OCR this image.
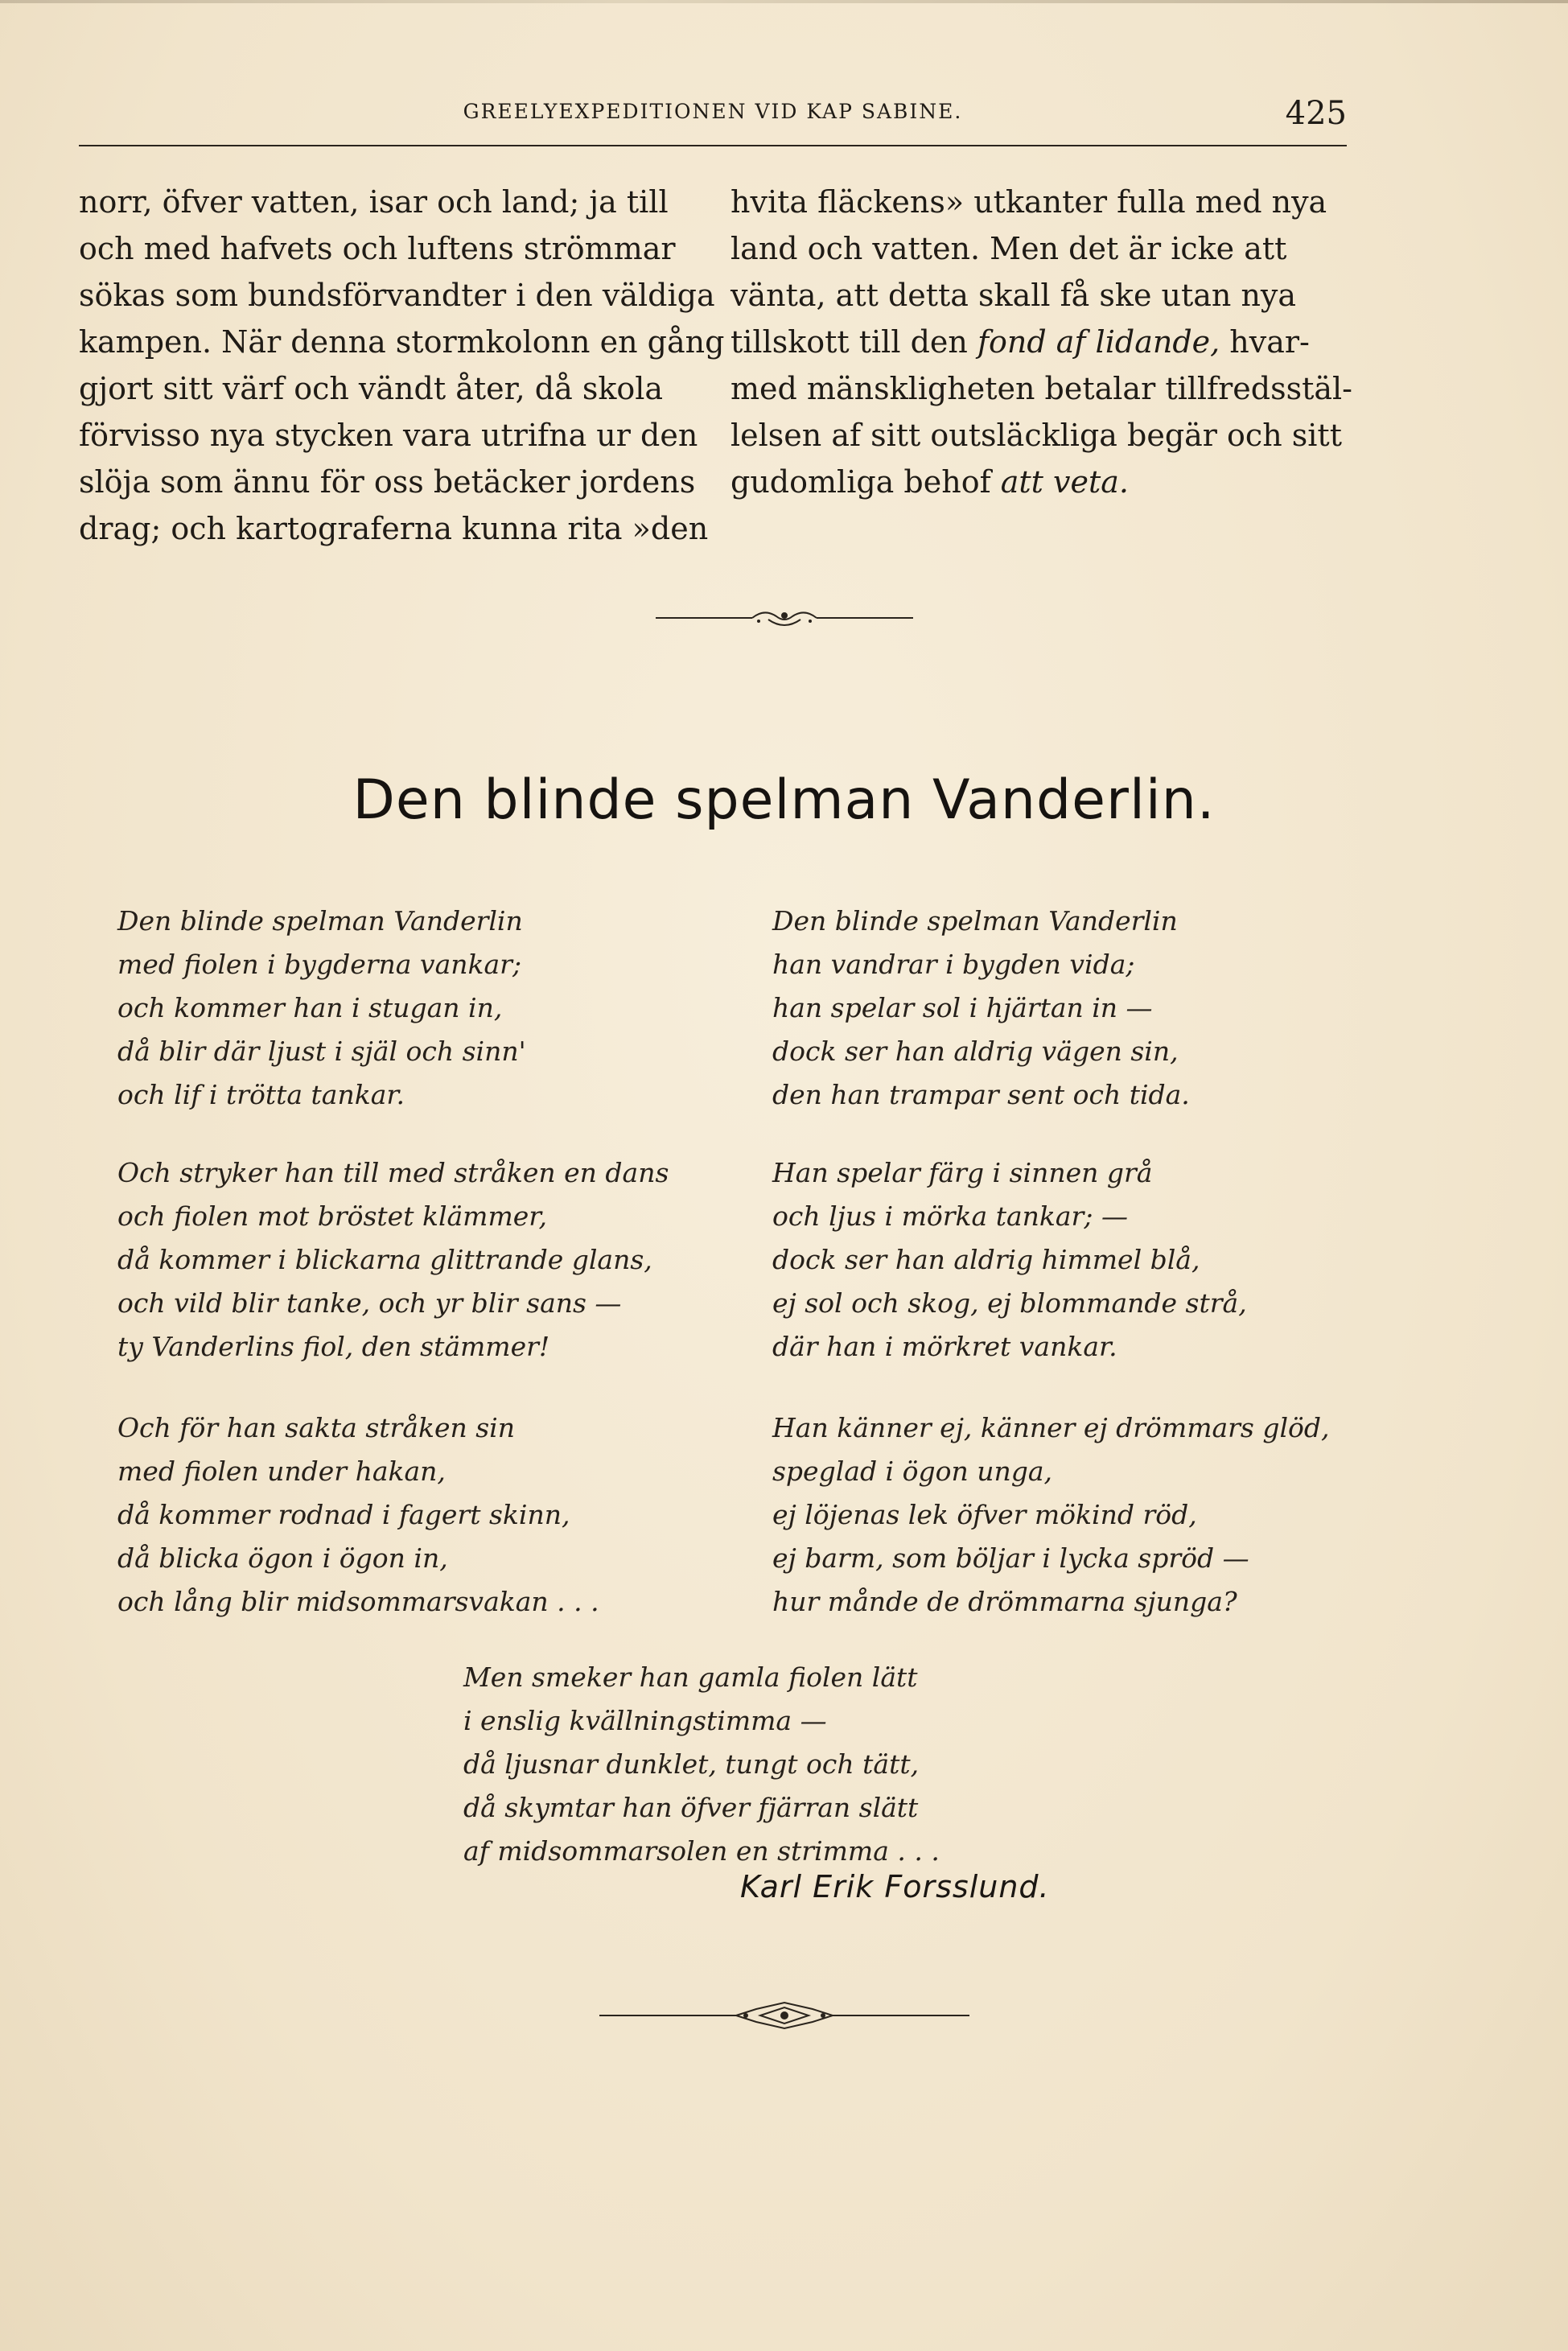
GREELYEXPEDITIONEN VID KAP SABINE.	425

norr, öfver vatten, isar och land; ja till
och med hafvets och luftens strömmar
sökas som bundsförvandter i den väldiga
kampen. När denna stormkolonn en gång
gjort sitt värf och vändt åter, då skola
förvisso nya stycken vara utrifna ur den
slöja som ännu för oss betäcker jordens
drag; och kartograferna kunna rita »den

hvita fläckens» utkanter fulla med nya
land och vatten. Men det är icke att
vänta, att detta skall få ske utan nya
tillskott till den fond af lidande, hvar-
med mänskligheten betalar tillfredsstäl-
lelsen af sitt outsläckliga begär och sitt
gudomliga behof att veta.

Den blinde spelman Vanderlin.

Den blinde spelman Vanderlin
med fiolen i bygderna vankar;
och kommer han i stugan in,
då blir där ljust i själ och sinn'
och lif i trötta tankar.

Och stryker han till med stråken en dans
och fiolen mot bröstet klämmer,
då kommer i blickarna glittrande glans,
och vild blir tanke, och yr blir sans —
ty Vanderlins fiol, den stämmer!

Och för han sakta stråken sin
med fiolen under hakan,
då kommer rodnad i fagert skinn,
då blicka ögon i ögon in,
och lång blir midsommarsvakan . . .

Den blinde spelman Vanderlin
han vandrar i bygden vida;
han spelar sol i hjärtan in —
dock ser han aldrig vägen sin,
den han trampar sent och tida.

Han spelar färg i sinnen grå
och ljus i mörka tankar; —
dock ser han aldrig himmel blå,
ej sol och skog, ej blommande strå,
där han i mörkret vankar.

Han känner ej, känner ej drömmars glöd,
speglad i ögon unga,
ej löjenas lek öfver mökind röd,
ej barm, som böljar i lycka spröd —
hur månde de drömmarna sjunga?

Men smeker han gamla fiolen lätt
i enslig kvällningstimma —
då ljusnar dunklet, tungt och tätt,
då skymtar han öfver fjärran slätt
af midsommarsolen en strimma . . .

Karl Erik Forsslund.
